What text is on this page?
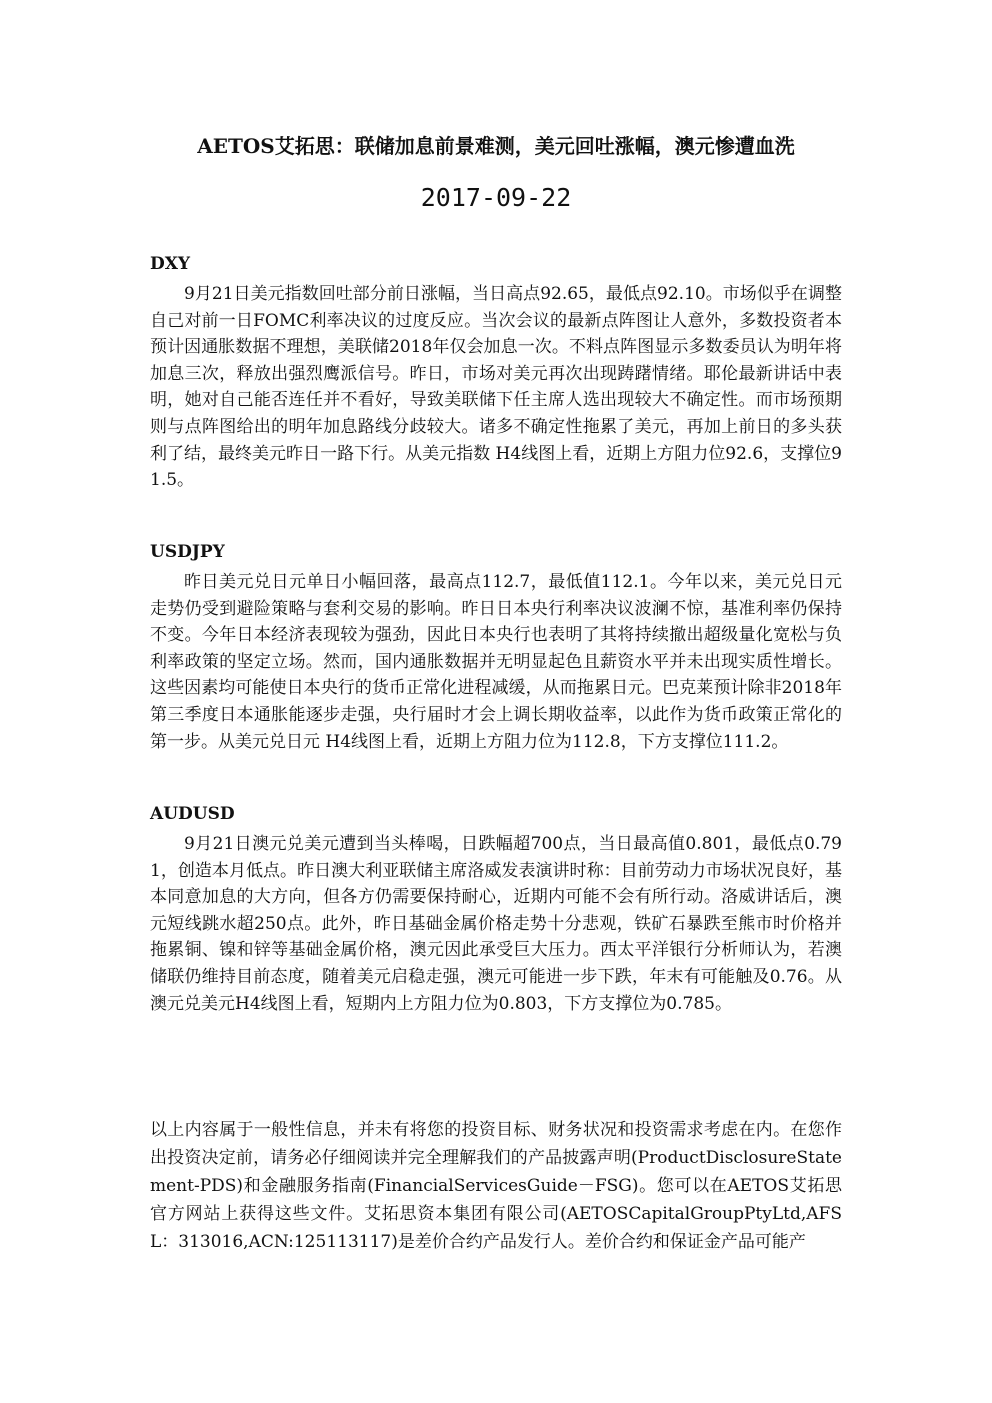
AETOS艾拓思：联储加息前景难测，美元回吐涨幅，澳元惨遭血洗
2017-09-22
DXY

9月21日美元指数回吐部分前日涨幅，当日高点92.65，最低点92.10。市场似乎在调整自己对前一日FOMC利率决议的过度反应。当次会议的最新点阵图让人意外，多数投资者本预计因通胀数据不理想，美联储2018年仅会加息一次。不料点阵图显示多数委员认为明年将加息三次，释放出强烈鹰派信号。昨日，市场对美元再次出现踌躇情绪。耶伦最新讲话中表明，她对自己能否连任并不看好，导致美联储下任主席人选出现较大不确定性。而市场预期则与点阵图给出的明年加息路线分歧较大。诸多不确定性拖累了美元，再加上前日的多头获利了结，最终美元昨日一路下行。从美元指数 H4线图上看，近期上方阻力位92.6，支撑位91.5。

USDJPY

昨日美元兑日元单日小幅回落，最高点112.7，最低值112.1。今年以来，美元兑日元走势仍受到避险策略与套利交易的影响。昨日日本央行利率决议波澜不惊，基准利率仍保持不变。今年日本经济表现较为强劲，因此日本央行也表明了其将持续撤出超级量化宽松与负利率政策的坚定立场。然而，国内通胀数据并无明显起色且薪资水平并未出现实质性增长。这些因素均可能使日本央行的货币正常化进程减缓，从而拖累日元。巴克莱预计除非2018年第三季度日本通胀能逐步走强，央行届时才会上调长期收益率，以此作为货币政策正常化的第一步。从美元兑日元 H4线图上看，近期上方阻力位为112.8，下方支撑位111.2。

AUDUSD

9月21日澳元兑美元遭到当头棒喝，日跌幅超700点，当日最高值0.801，最低点0.791，创造本月低点。昨日澳大利亚联储主席洛威发表演讲时称：目前劳动力市场状况良好，基本同意加息的大方向，但各方仍需要保持耐心，近期内可能不会有所行动。洛威讲话后，澳元短线跳水超250点。此外，昨日基础金属价格走势十分悲观，铁矿石暴跌至熊市时价格并拖累铜、镍和锌等基础金属价格，澳元因此承受巨大压力。西太平洋银行分析师认为，若澳储联仍维持目前态度，随着美元启稳走强，澳元可能进一步下跌，年末有可能触及0.76。从澳元兑美元H4线图上看，短期内上方阻力位为0.803，下方支撑位为0.785。

以上内容属于一般性信息，并未有将您的投资目标、财务状况和投资需求考虑在内。在您作出投资决定前，请务必仔细阅读并完全理解我们的产品披露声明(ProductDisclosureStatement-PDS)和金融服务指南(FinancialServicesGuide－FSG)。您可以在AETOS艾拓思官方网站上获得这些文件。艾拓思资本集团有限公司(AETOSCapitalGroupPtyLtd,AFSL：313016,ACN:125113117)是差价合约产品发行人。差价合约和保证金产品可能产
